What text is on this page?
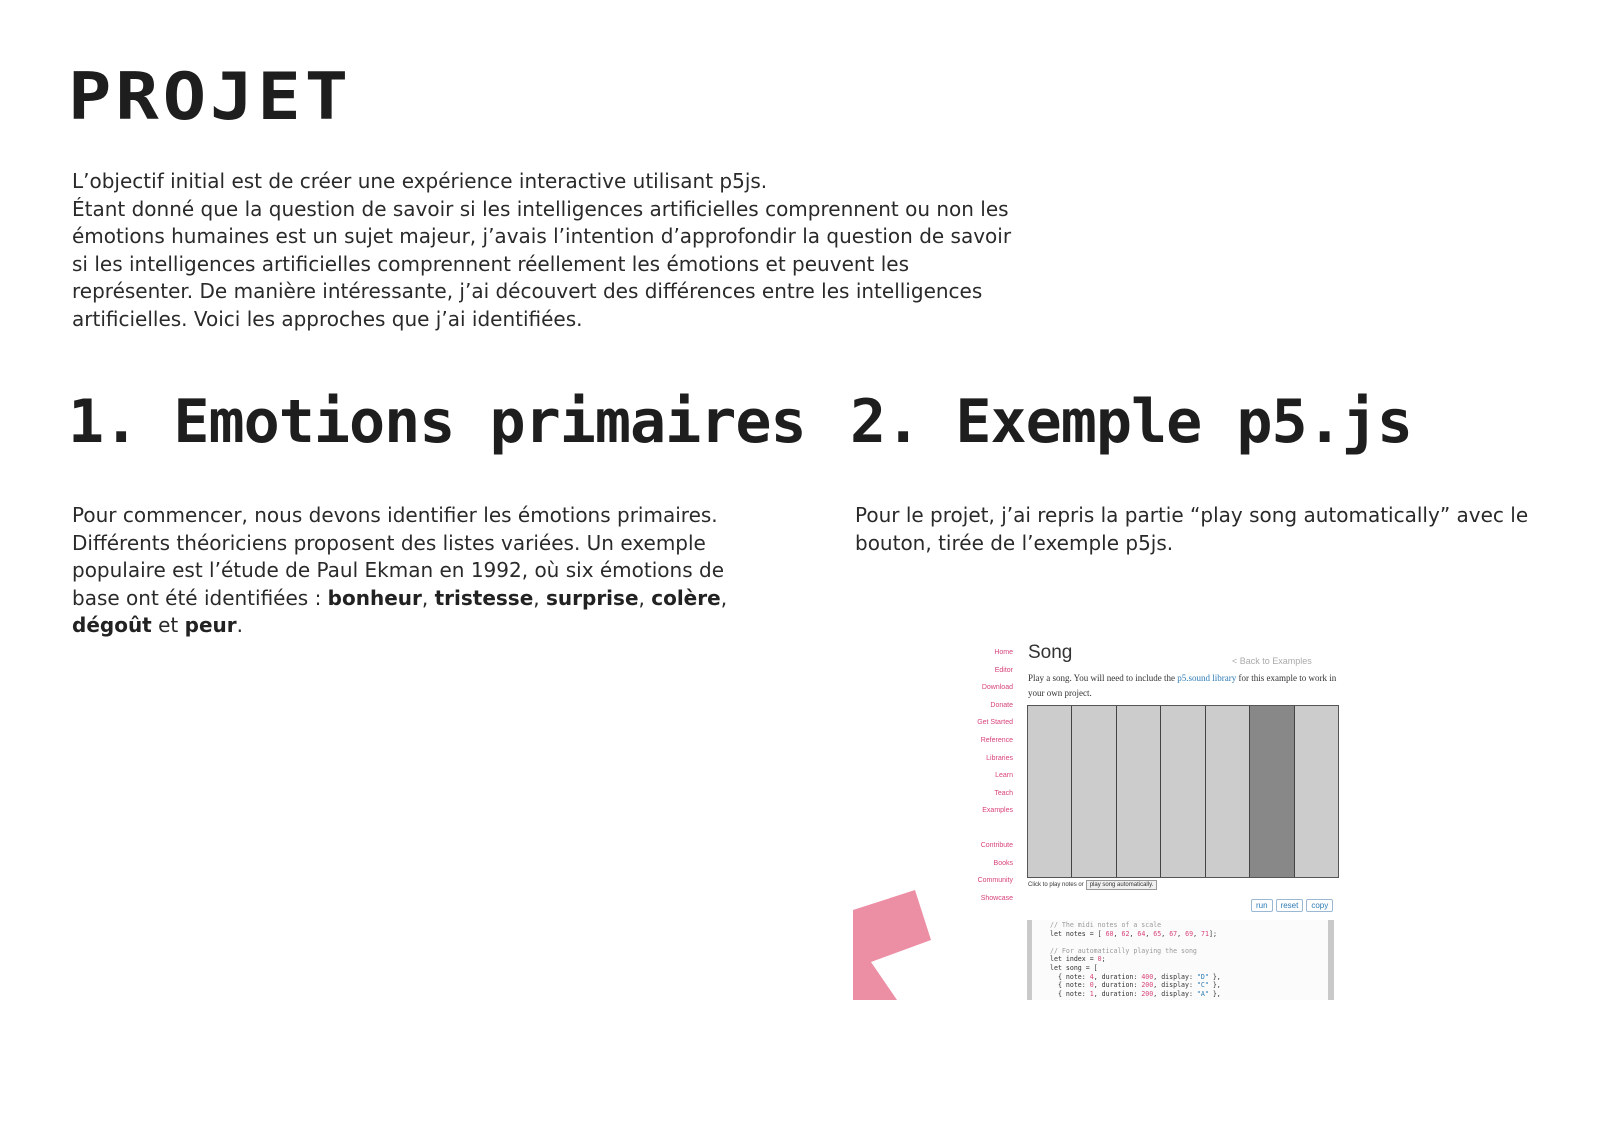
PROJET

L’objectif initial est de créer une expérience interactive utilisant p5js.

Étant donné que la question de savoir si les intelligences artificielles comprennent ou non les émotions humaines est un sujet majeur, j’avais l’intention d’approfondir la question de savoir si les intelligences artificielles comprennent réellement les émotions et peuvent les représenter. De manière intéressante, j’ai découvert des différences entre les intelligences artificielles. Voici les approches que j’ai identifiées.

1. Emotions primaires
Pour commencer, nous devons identifier les émotions primaires. Différents théoriciens proposent des listes variées. Un exemple populaire est l’étude de Paul Ekman en 1992, où six émotions de base ont été identifiées : bonheur, tristesse, surprise, colère, dégoût et peur.
2. Exemple p5.js
Pour le projet, j’ai repris la partie “play song automatically” avec le bouton, tirée de l’exemple p5js.
Home
Editor
Download
Donate
Get Started
Reference
Libraries
Learn
Teach
Examples
Contribute
Books
Community
Showcase
Song	< Back to Examples
Play a song. You will need to include the p5.sound library for this example to work in your own project.
Click to play notes or	play song automatically.
run	reset	copy
// The midi notes of a scale
let notes = [ 60, 62, 64, 65, 67, 69, 71];

// For automatically playing the song
let index = 0;
let song = [
{ note: 4, duration: 400, display: "D" },
{ note: 0, duration: 200, display: "C" },
{ note: 1, duration: 200, display: "A" },
